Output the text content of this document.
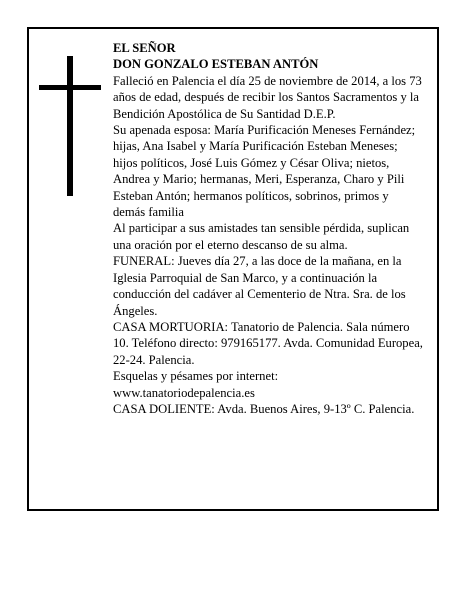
EL SEÑOR

DON GONZALO ESTEBAN ANTÓN

Falleció en Palencia el día 25 de noviembre de 2014, a los 73 años de edad, después de recibir los Santos Sacramentos y la Bendición Apostólica de Su Santidad D.E.P.

Su apenada esposa: María Purificación Meneses Fernández; hijas, Ana Isabel y María Purificación Esteban Meneses; hijos políticos, José Luis Gómez y César Oliva; nietos, Andrea y Mario; hermanas, Meri, Esperanza, Charo y Pili Esteban Antón; hermanos políticos, sobrinos, primos y demás familia

Al participar a sus amistades tan sensible pérdida, suplican una oración por el eterno descanso de su alma.

FUNERAL: Jueves día 27, a las doce de la mañana, en la Iglesia Parroquial de San Marco, y a continuación la conducción del cadáver al Cementerio de Ntra. Sra. de los Ángeles.

CASA MORTUORIA: Tanatorio de Palencia. Sala número 10. Teléfono directo: 979165177. Avda. Comunidad Europea, 22-24. Palencia.

Esquelas y pésames por internet: www.tanatoriodepalencia.es

CASA DOLIENTE: Avda. Buenos Aires, 9-13º C. Palencia.
